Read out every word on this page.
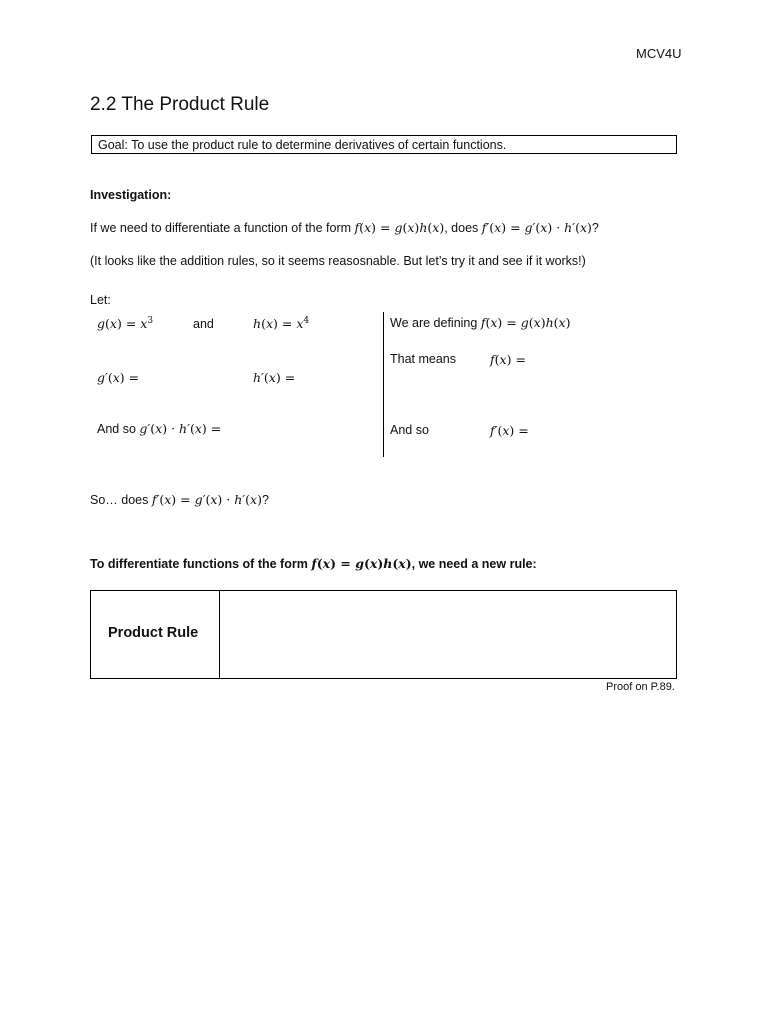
MCV4U
2.2 The Product Rule
Goal: To use the product rule to determine derivatives of certain functions.
Investigation:
If we need to differentiate a function of the form f(x) = g(x)h(x), does f′(x) = g′(x) · h′(x)?
(It looks like the addition rules, so it seems reasosnable. But let’s try it and see if it works!)
Let:
$g(x) = x^3$	and	$h(x) = x^4$
g′(x) =	h′(x) =
And so g′(x) · h′(x) =
We are defining f(x) = g(x)h(x)
That means	f(x) =
And so	f′(x) =
So… does f′(x) = g′(x) · h′(x)?
To differentiate functions of the form f(x) = g(x)h(x), we need a new rule:
Product Rule
Proof on P.89.
